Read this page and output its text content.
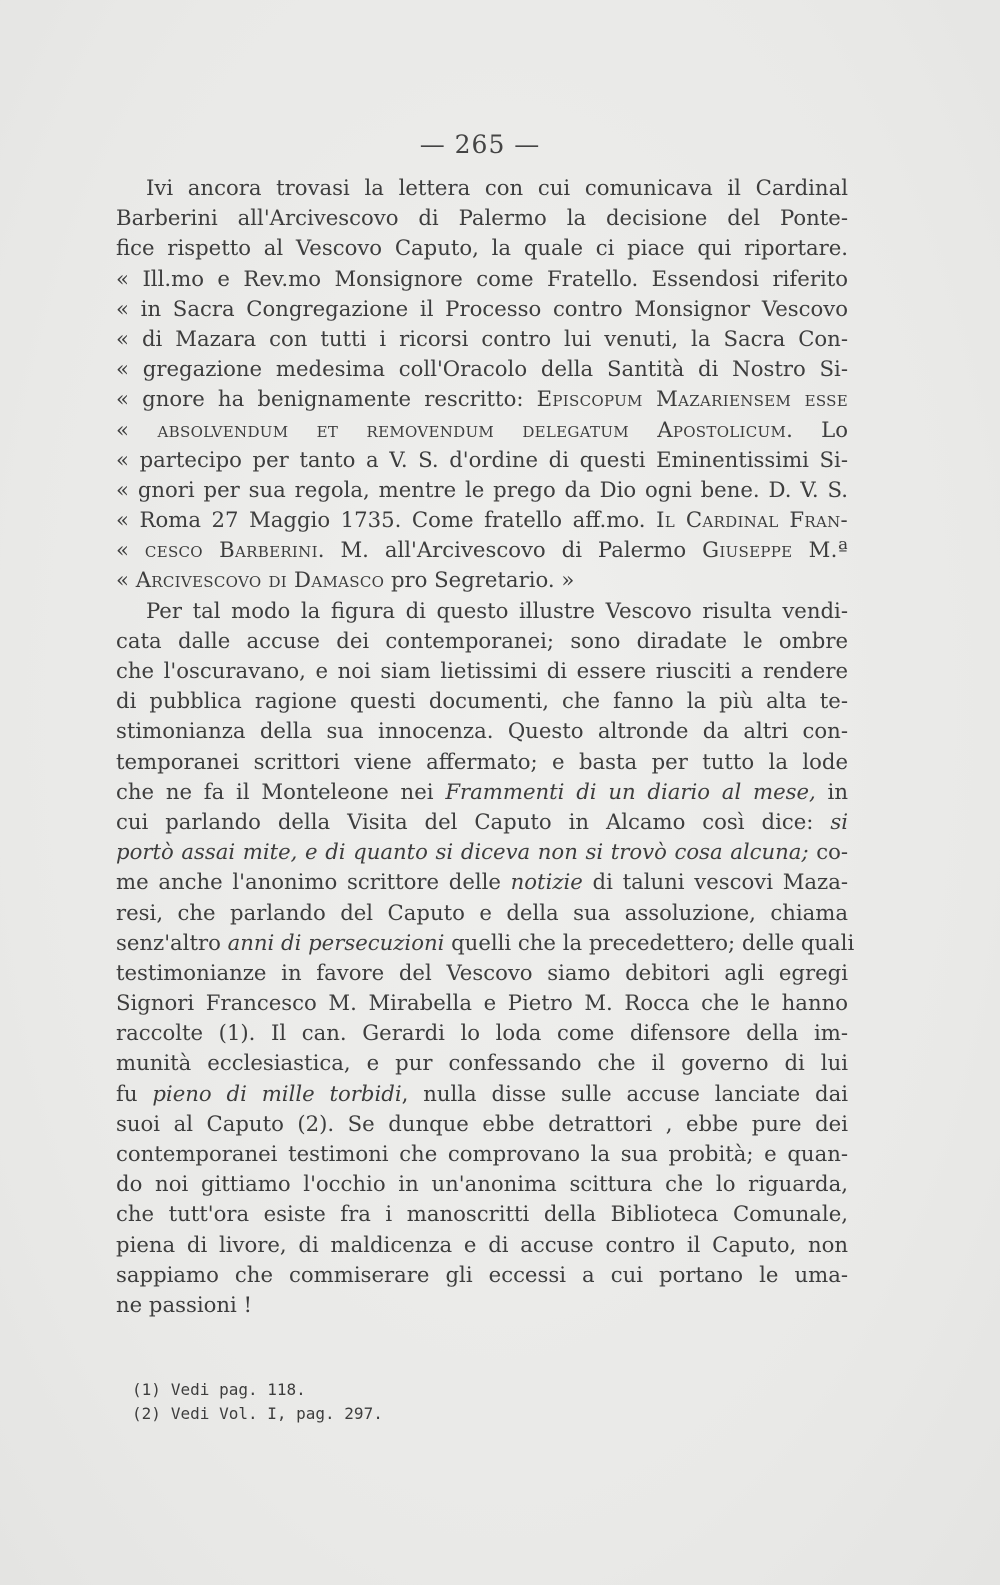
— 265 —
Ivi ancora trovasi la lettera con cui comunicava il Cardinal
Barberini all'Arcivescovo di Palermo la decisione del Ponte-
fice rispetto al Vescovo Caputo, la quale ci piace qui riportare.
« Ill.mo e Rev.mo Monsignore come Fratello. Essendosi riferito
« in Sacra Congregazione il Processo contro Monsignor Vescovo
« di Mazara con tutti i ricorsi contro lui venuti, la Sacra Con-
« gregazione medesima coll'Oracolo della Santità di Nostro Si-
« gnore ha benignamente rescritto: Episcopum Mazariensem esse
« absolvendum et removendum delegatum Apostolicum. Lo
« partecipo per tanto a V. S. d'ordine di questi Eminentissimi Si-
« gnori per sua regola, mentre le prego da Dio ogni bene. D. V. S.
« Roma 27 Maggio 1735. Come fratello aff.mo. Il Cardinal Fran-
« cesco Barberini. M. all'Arcivescovo di Palermo Giuseppe M.ª
« Arcivescovo di Damasco pro Segretario. »
Per tal modo la figura di questo illustre Vescovo risulta vendi-
cata dalle accuse dei contemporanei; sono diradate le ombre
che l'oscuravano, e noi siam lietissimi di essere riusciti a rendere
di pubblica ragione questi documenti, che fanno la più alta te-
stimonianza della sua innocenza. Questo altronde da altri con-
temporanei scrittori viene affermato; e basta per tutto la lode
che ne fa il Monteleone nei Frammenti di un diario al mese, in
cui parlando della Visita del Caputo in Alcamo così dice: si
portò assai mite, e di quanto si diceva non si trovò cosa alcuna; co-
me anche l'anonimo scrittore delle notizie di taluni vescovi Maza-
resi, che parlando del Caputo e della sua assoluzione, chiama
senz'altro anni di persecuzioni quelli che la precedettero; delle quali
testimonianze in favore del Vescovo siamo debitori agli egregi
Signori Francesco M. Mirabella e Pietro M. Rocca che le hanno
raccolte (1). Il can. Gerardi lo loda come difensore della im-
munità ecclesiastica, e pur confessando che il governo di lui
fu pieno di mille torbidi, nulla disse sulle accuse lanciate dai
suoi al Caputo (2). Se dunque ebbe detrattori , ebbe pure dei
contemporanei testimoni che comprovano la sua probità; e quan-
do noi gittiamo l'occhio in un'anonima scittura che lo riguarda,
che tutt'ora esiste fra i manoscritti della Biblioteca Comunale,
piena di livore, di maldicenza e di accuse contro il Caputo, non
sappiamo che commiserare gli eccessi a cui portano le uma-
ne passioni !
(1) Vedi pag. 118.
(2) Vedi Vol. I, pag. 297.
